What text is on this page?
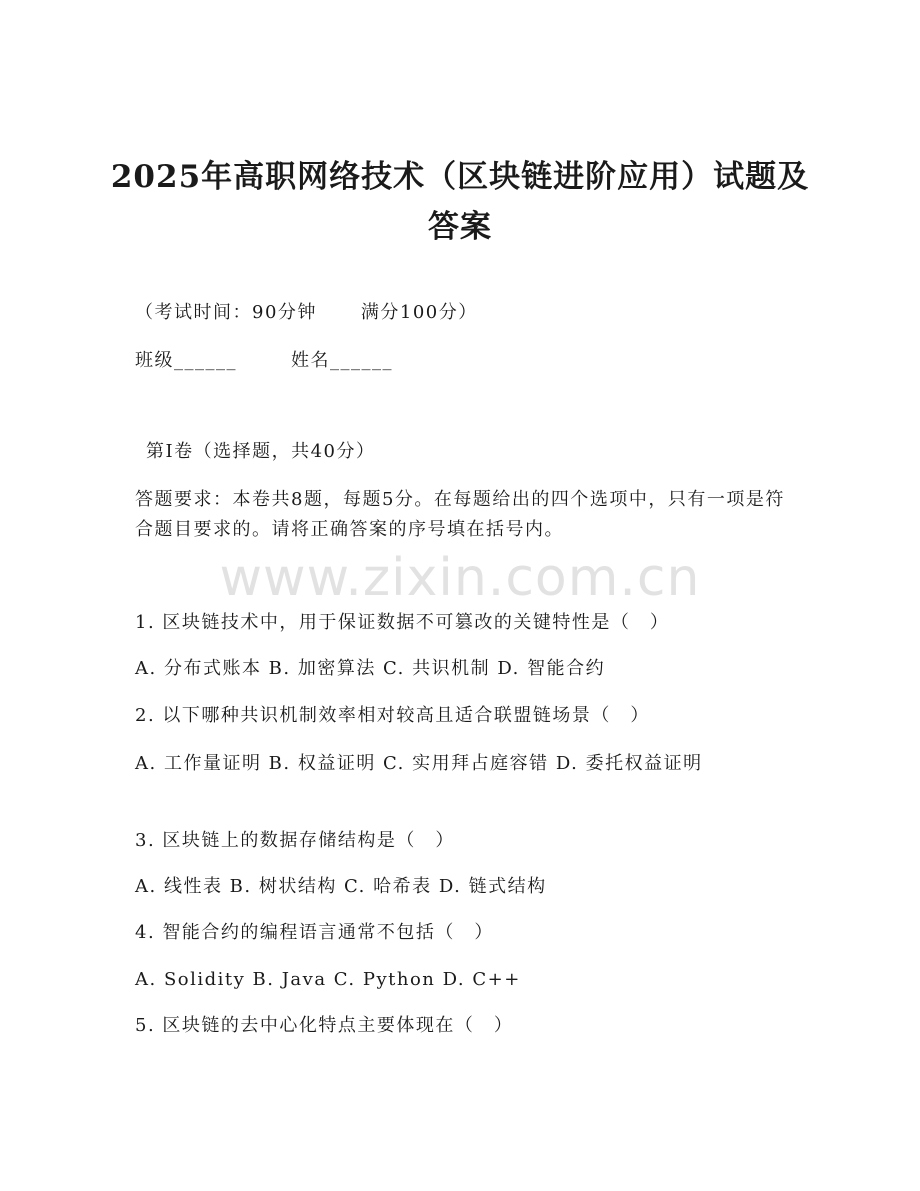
2025年高职网络技术（区块链进阶应用）试题及答案
（考试时间：90分钟 满分100分）
班级______	姓名______
第Ⅰ卷（选择题，共40分）
答题要求：本卷共8题，每题5分。在每题给出的四个选项中，只有一项是符合题目要求的。请将正确答案的序号填在括号内。
www.zixin.com.cn
1. 区块链技术中，用于保证数据不可篡改的关键特性是（　）
A. 分布式账本 B. 加密算法 C. 共识机制 D. 智能合约
2. 以下哪种共识机制效率相对较高且适合联盟链场景（　）
A. 工作量证明 B. 权益证明 C. 实用拜占庭容错 D. 委托权益证明
3. 区块链上的数据存储结构是（　）
A. 线性表 B. 树状结构 C. 哈希表 D. 链式结构
4. 智能合约的编程语言通常不包括（　）
A. Solidity B. Java C. Python D. C++
5. 区块链的去中心化特点主要体现在（　）
